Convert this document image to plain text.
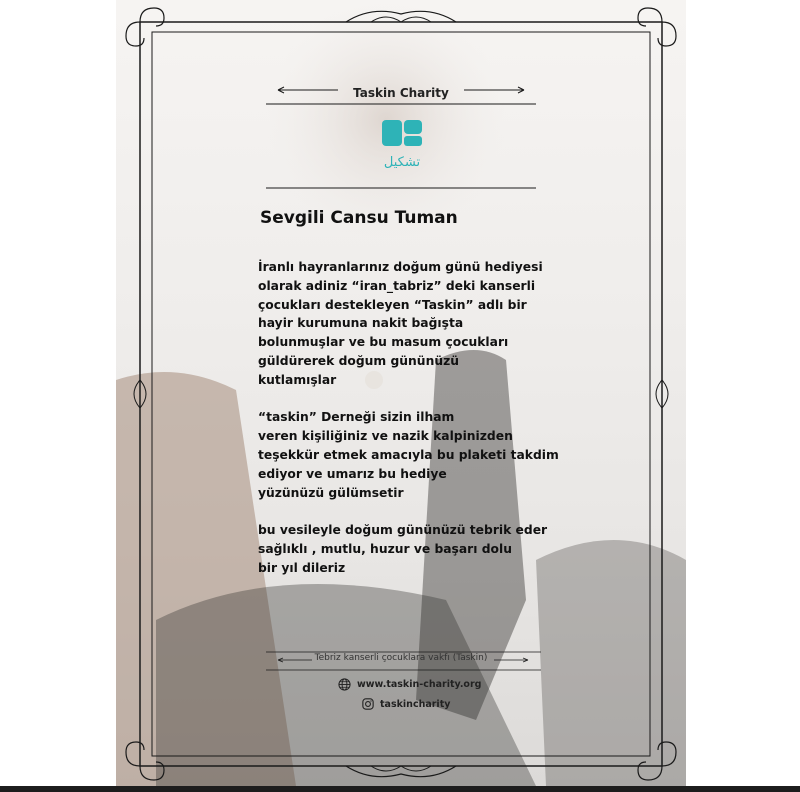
Taskin Charity
تشکیل
Sevgili Cansu Tuman

İranlı hayranlarınız doğum günü hediyesi
olarak adiniz “iran_tabriz” deki kanserli
çocukları destekleyen “Taskin” adlı bir
hayir kurumuna nakit bağışta
bolunmuşlar ve bu masum çocukları
güldürerek doğum gününüzü
kutlamışlar

“taskin” Derneği sizin ilham
veren kişiliğiniz ve nazik kalpinizden
teşekkür etmek amacıyla bu plaketi takdim
ediyor ve umarız bu hediye
yüzünüzü gülümsetir

bu vesileyle doğum gününüzü tebrik eder
sağlıklı , mutlu, huzur ve başarı dolu
bir yıl dileriz

Tebriz kanserli çocuklara vakfı (Taskin)
www.taskin-charity.org
taskincharity
